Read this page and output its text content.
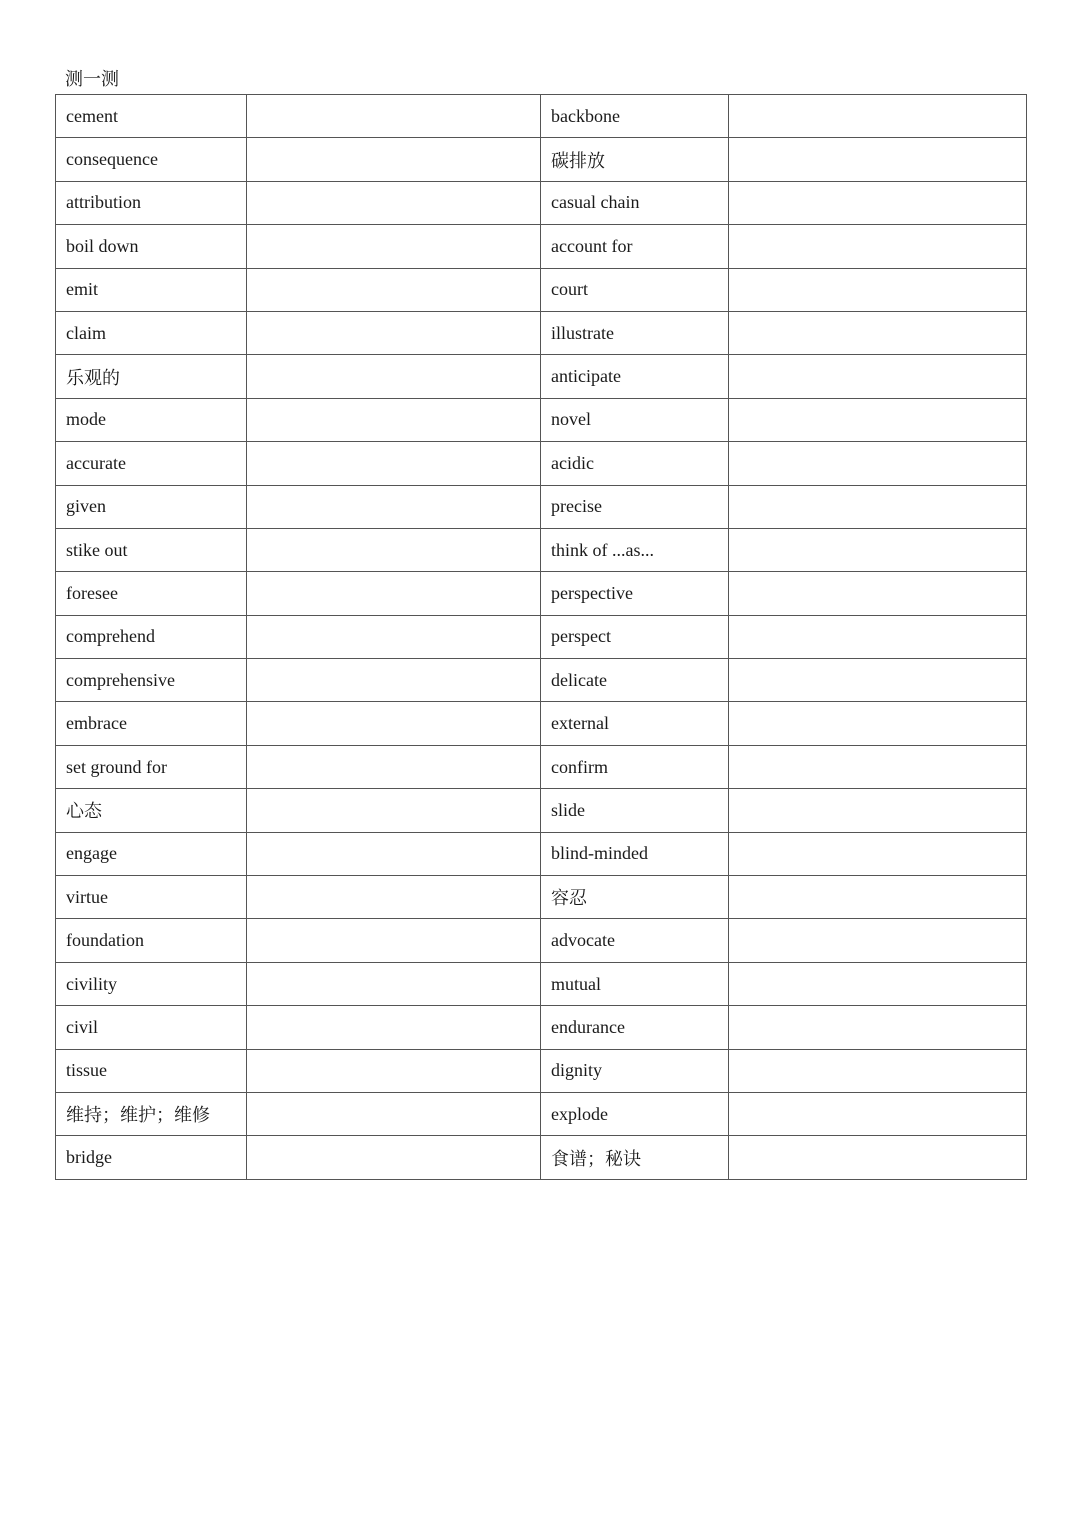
测一测
cement		backbone	
consequence		碳排放	
attribution		casual chain	
boil down		account for	
emit		court	
claim		illustrate	
乐观的		anticipate	
mode		novel	
accurate		acidic	
given		precise	
stike out		think of ...as...	
foresee		perspective	
comprehend		perspect	
comprehensive		delicate	
embrace		external	
set ground for		confirm	
心态		slide	
engage		blind-minded	
virtue		容忍	
foundation		advocate	
civility		mutual	
civil		endurance	
tissue		dignity	
维持；维护；维修		explode	
bridge		食谱；秘诀	
